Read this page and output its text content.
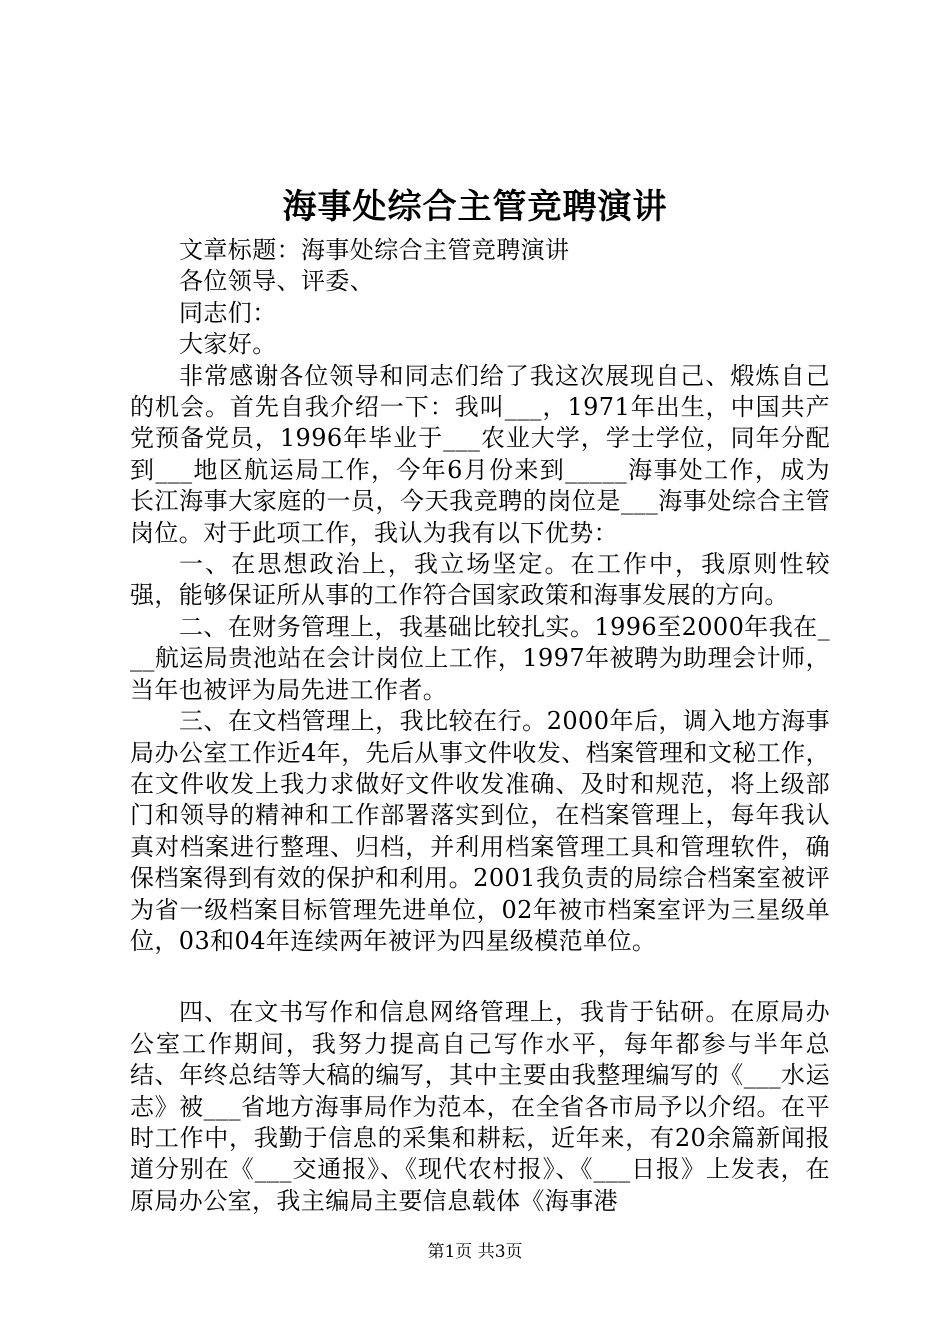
海事处综合主管竞聘演讲

文章标题：海事处综合主管竞聘演讲

各位领导、评委、

同志们：

大家好。

非常感谢各位领导和同志们给了我这次展现自己、煅炼自己的机会。首先自我介绍一下：我叫___，1971年出生，中国共产党预备党员，1996年毕业于___农业大学，学士学位，同年分配到___地区航运局工作，今年6月份来到_____海事处工作，成为长江海事大家庭的一员，今天我竞聘的岗位是___海事处综合主管岗位。对于此项工作，我认为我有以下优势：

一、在思想政治上，我立场坚定。在工作中，我原则性较强，能够保证所从事的工作符合国家政策和海事发展的方向。

二、在财务管理上，我基础比较扎实。1996至2000年我在___航运局贵池站在会计岗位上工作，1997年被聘为助理会计师，当年也被评为局先进工作者。

三、在文档管理上，我比较在行。2000年后，调入地方海事局办公室工作近4年，先后从事文件收发、档案管理和文秘工作，在文件收发上我力求做好文件收发准确、及时和规范，将上级部门和领导的精神和工作部署落实到位，在档案管理上，每年我认真对档案进行整理、归档，并利用档案管理工具和管理软件，确保档案得到有效的保护和利用。2001我负责的局综合档案室被评为省一级档案目标管理先进单位，02年被市档案室评为三星级单位，03和04年连续两年被评为四星级模范单位。

四、在文书写作和信息网络管理上，我肯于钻研。在原局办公室工作期间，我努力提高自己写作水平，每年都参与半年总结、年终总结等大稿的编写，其中主要由我整理编写的《___水运志》被___省地方海事局作为范本，在全省各市局予以介绍。在平时工作中，我勤于信息的采集和耕耘，近年来，有20余篇新闻报道分别在《___交通报》、《现代农村报》、《___日报》上发表，在原局办公室，我主编局主要信息载体《海事港

第1页 共3页
